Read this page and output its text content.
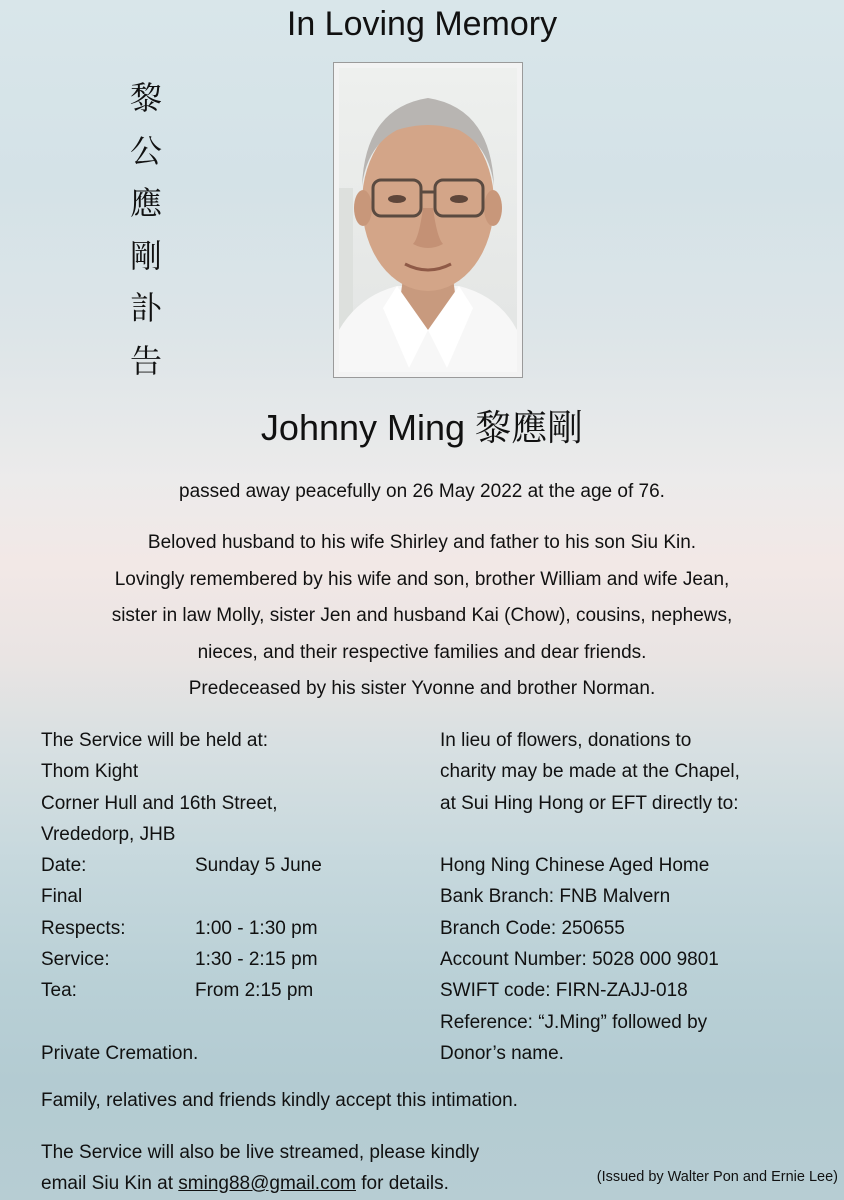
In Loving Memory
黎
公
應
剛
訃
告
Johnny Ming 黎應剛
passed away peacefully on 26 May 2022 at the age of 76.
Beloved husband to his wife Shirley and father to his son Siu Kin.
Lovingly remembered by his wife and son, brother William and wife Jean,
sister in law Molly, sister Jen and husband Kai (Chow), cousins, nephews,
nieces, and their respective families and dear friends.
Predeceased by his sister Yvonne and brother Norman.
The Service will be held at:
Thom Kight
Corner Hull and 16th Street,
Vrededorp, JHB
Date:	Sunday 5 June
Final
Respects:	1:00 - 1:30 pm
Service:	1:30 - 2:15 pm
Tea:	From 2:15 pm
Private Cremation.
In lieu of flowers, donations to
charity may be made at the Chapel,
at Sui Hing Hong or EFT directly to:
Hong Ning Chinese Aged Home
Bank Branch: FNB Malvern
Branch Code: 250655
Account Number: 5028 000 9801
SWIFT code: FIRN-ZAJJ-018
Reference: “J.Ming” followed by
Donor’s name.
Family, relatives and friends kindly accept this intimation.
The Service will also be live streamed, please kindly
email Siu Kin at sming88@gmail.com for details.	(Issued by Walter Pon and Ernie Lee)
